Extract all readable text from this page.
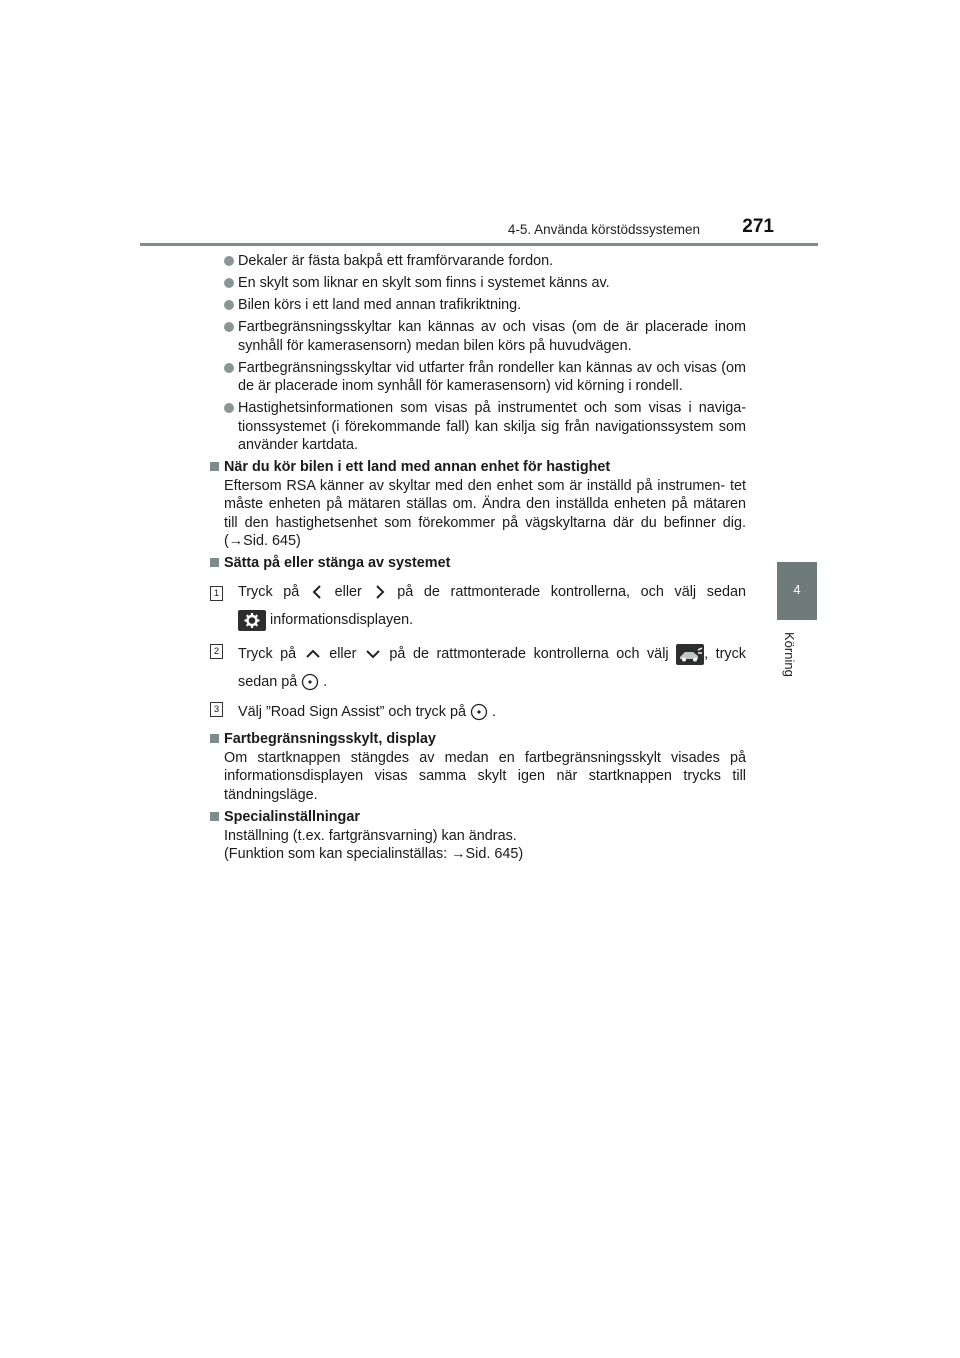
4-5. Använda körstödssystemen 271
4
Körning
Dekaler är fästa bakpå ett framförvarande fordon.
En skylt som liknar en skylt som finns i systemet känns av.
Bilen körs i ett land med annan trafikriktning.
Fartbegränsningsskyltar kan kännas av och visas (om de är placerade inom synhåll för kamerasensorn) medan bilen körs på huvudvägen.
Fartbegränsningsskyltar vid utfarter från rondeller kan kännas av och visas (om de är placerade inom synhåll för kamerasensorn) vid körning i rondell.
Hastighetsinformationen som visas på instrumentet och som visas i naviga- tionssystemet (i förekommande fall) kan skilja sig från navigationssystem som använder kartdata.
När du kör bilen i ett land med annan enhet för hastighet

Eftersom RSA känner av skyltar med den enhet som är inställd på instrumen- tet måste enheten på mätaren ställas om. Ändra den inställda enheten på mätaren till den hastighetsenhet som förekommer på vägskyltarna där du befinner dig. (→Sid. 645)

Sätta på eller stänga av systemet
1 Tryck på eller på de rattmonterade kontrollerna, och välj sedan
informationsdisplayen.
2 Tryck på eller på de rattmonterade kontrollerna och välj , tryck
sedan på .
3 Välj ”Road Sign Assist” och tryck på .
Fartbegränsningsskylt, display

Om startknappen stängdes av medan en fartbegränsningsskylt visades på informationsdisplayen visas samma skylt igen när startknappen trycks till tändningsläge.

Specialinställningar

Inställning (t.ex. fartgränsvarning) kan ändras.

(Funktion som kan specialinställas: →Sid. 645)
